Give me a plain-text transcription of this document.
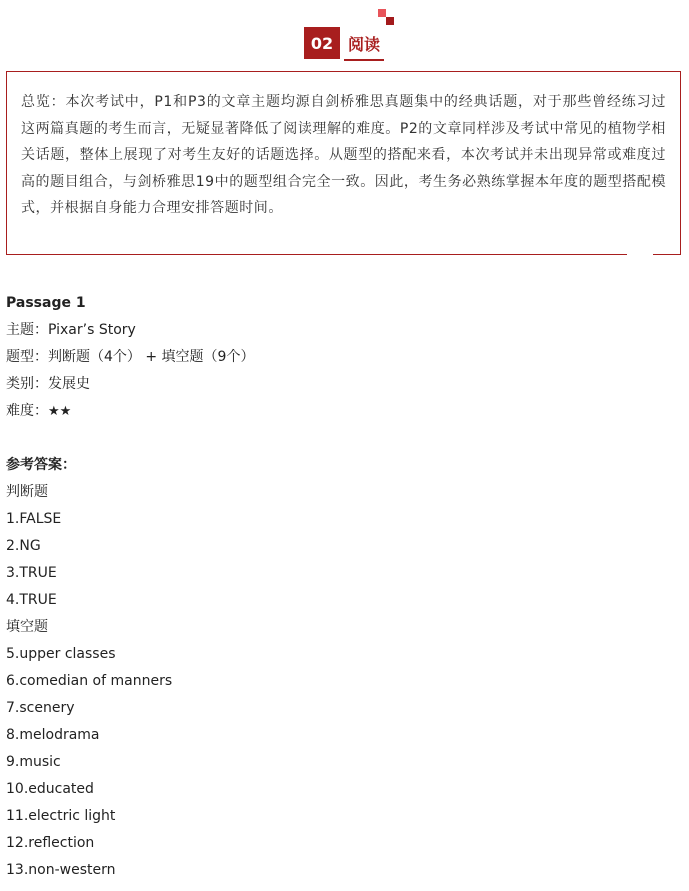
02 阅读

总览：本次考试中，P1和P3的文章主题均源自剑桥雅思真题集中的经典话题，对于那些曾经练习过这两篇真题的考生而言，无疑显著降低了阅读理解的难度。P2的文章同样涉及考试中常见的植物学相关话题，整体上展现了对考生友好的话题选择。从题型的搭配来看，本次考试并未出现异常或难度过高的题目组合，与剑桥雅思19中的题型组合完全一致。因此，考生务必熟练掌握本年度的题型搭配模式，并根据自身能力合理安排答题时间。

Passage 1

主题：Pixar’s Story

题型：判断题（4个） + 填空题（9个）

类别：发展史

难度：★★

参考答案：

判断题

1.FALSE

2.NG

3.TRUE

4.TRUE

填空题

5.upper classes

6.comedian of manners

7.scenery

8.melodrama

9.music

10.educated

11.electric light

12.reflection

13.non-western
